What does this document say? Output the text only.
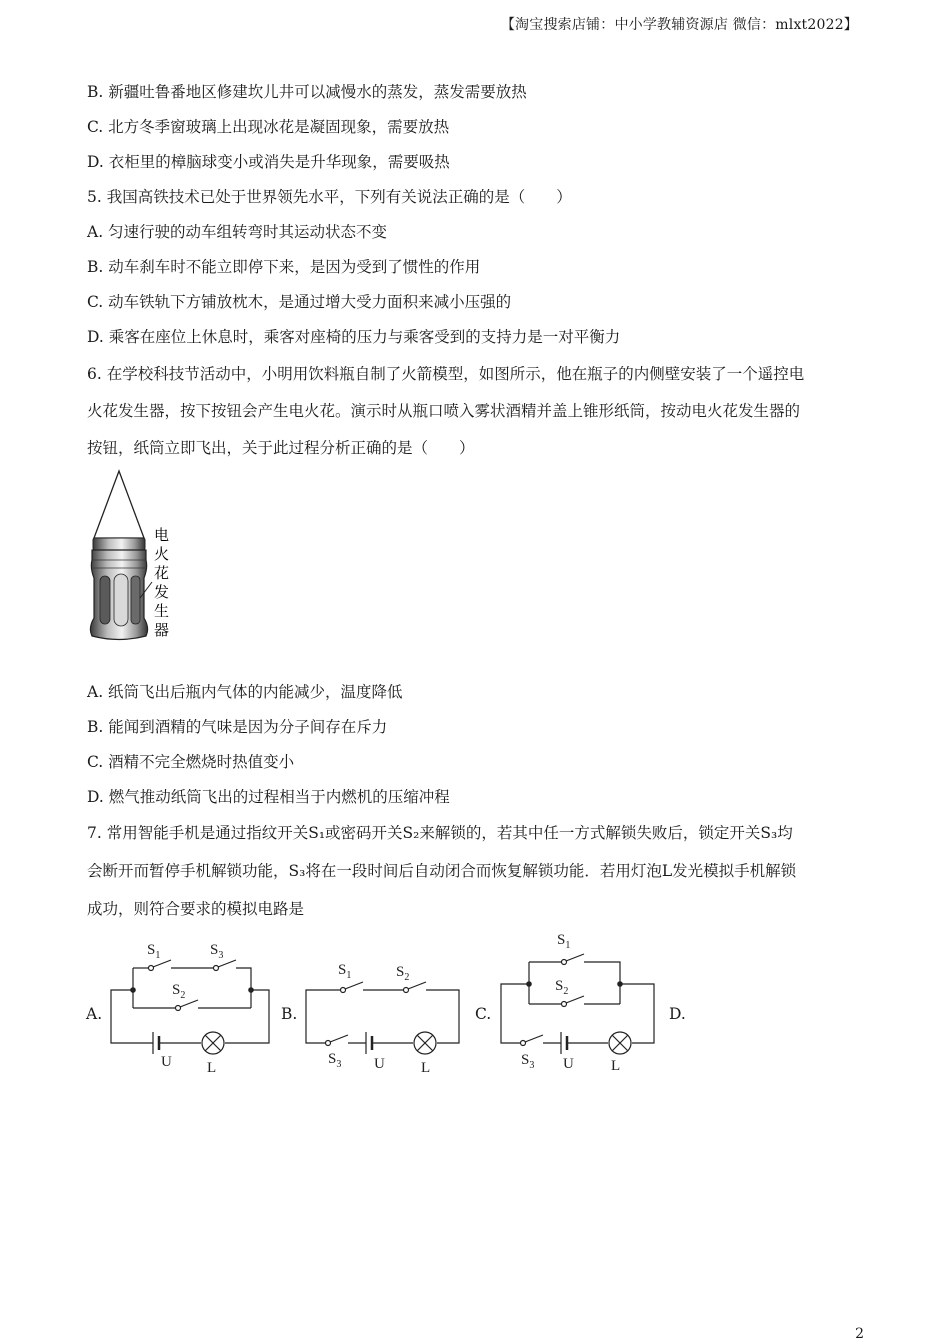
【淘宝搜索店铺：中小学教辅资源店 微信：mlxt2022】
B. 新疆吐鲁番地区修建坎儿井可以减慢水的蒸发，蒸发需要放热
C. 北方冬季窗玻璃上出现冰花是凝固现象，需要放热
D. 衣柜里的樟脑球变小或消失是升华现象，需要吸热
5. 我国高铁技术已处于世界领先水平，下列有关说法正确的是（　　）
A. 匀速行驶的动车组转弯时其运动状态不变
B. 动车刹车时不能立即停下来，是因为受到了惯性的作用
C. 动车铁轨下方铺放枕木，是通过增大受力面积来减小压强的
D. 乘客在座位上休息时，乘客对座椅的压力与乘客受到的支持力是一对平衡力
6. 在学校科技节活动中，小明用饮料瓶自制了火箭模型，如图所示，他在瓶子的内侧壁安装了一个遥控电
火花发生器，按下按钮会产生电火花。演示时从瓶口喷入雾状酒精并盖上锥形纸筒，按动电火花发生器的
按钮，纸筒立即飞出，关于此过程分析正确的是（　　）
电
火
花
发
生
器
A. 纸筒飞出后瓶内气体的内能减少，温度降低
B. 能闻到酒精的气味是因为分子间存在斥力
C. 酒精不完全燃烧时热值变小
D. 燃气推动纸筒飞出的过程相当于内燃机的压缩冲程
7. 常用智能手机是通过指纹开关S₁或密码开关S₂来解锁的，若其中任一方式解锁失败后，锁定开关S₃均
会断开而暂停手机解锁功能，S₃将在一段时间后自动闭合而恢复解锁功能．若用灯泡L发光模拟手机解锁
成功，则符合要求的模拟电路是
A.	B.	C.	D.
$S_1$	$S_3$
$S_2$
U L
$S_1$	$S_2$
$S_3$ U L
$S_1$
$S_2$
$S_3$ U L
2
